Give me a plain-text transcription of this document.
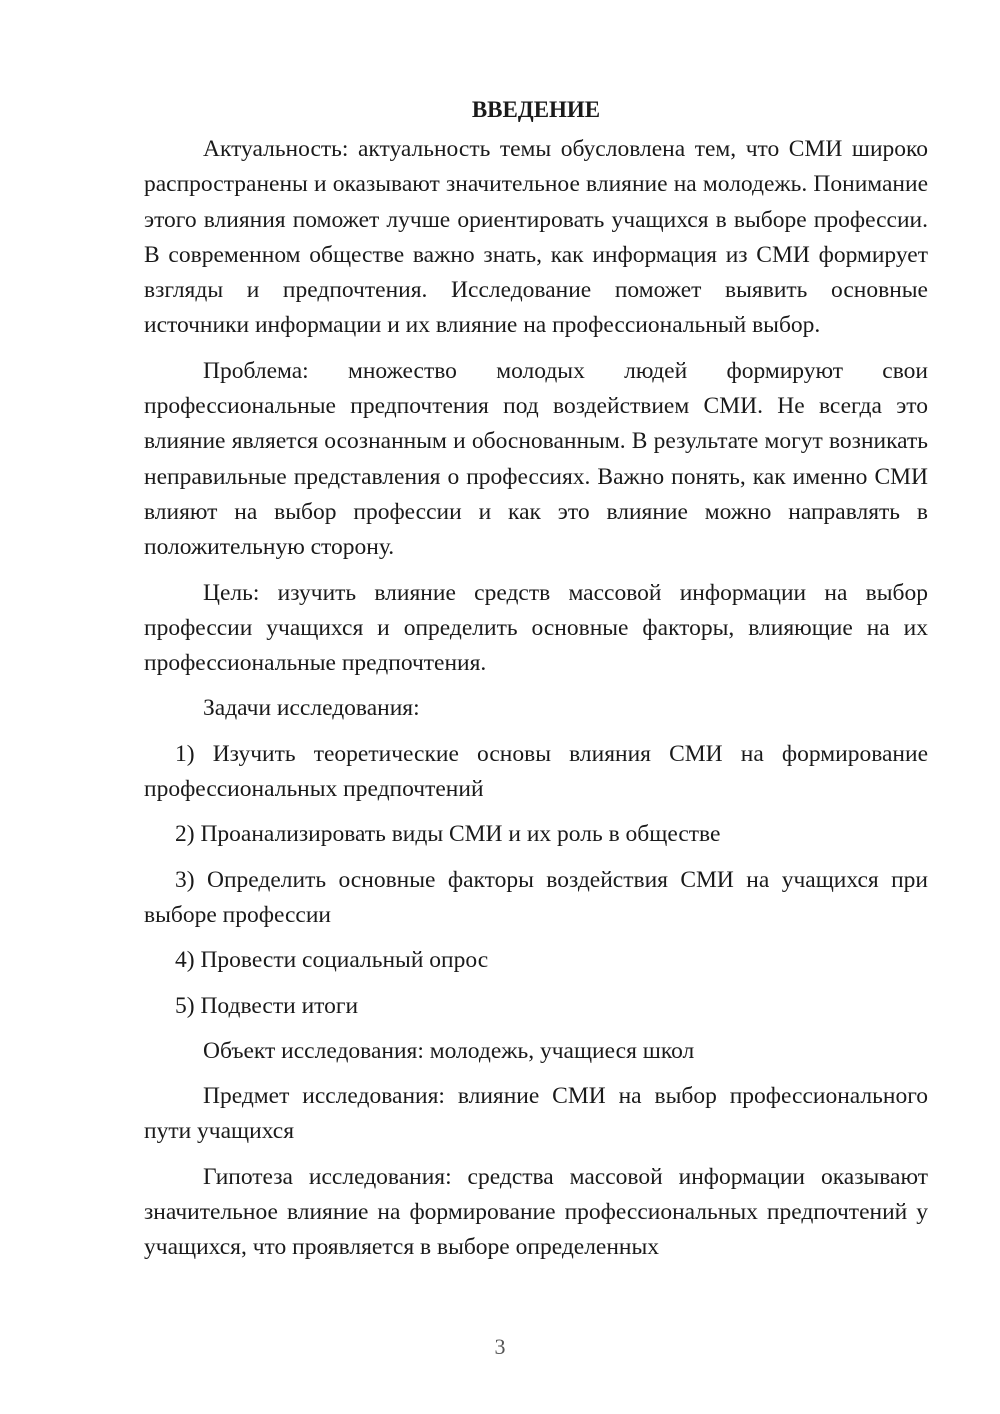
ВВЕДЕНИЕ

Актуальность: актуальность темы обусловлена тем, что СМИ широко распространены и оказывают значительное влияние на молодежь. Понимание этого влияния поможет лучше ориентировать учащихся в выборе профессии. В современном обществе важно знать, как информация из СМИ формирует взгляды и предпочтения. Исследование поможет выявить основные источники информации и их влияние на профессиональный выбор.

Проблема: множество молодых людей формируют свои профессиональные предпочтения под воздействием СМИ. Не всегда это влияние является осознанным и обоснованным. В результате могут возникать неправильные представления о профессиях. Важно понять, как именно СМИ влияют на выбор профессии и как это влияние можно направлять в положительную сторону.

Цель: изучить влияние средств массовой информации на выбор профессии учащихся и определить основные факторы, влияющие на их профессиональные предпочтения.

Задачи исследования:

1) Изучить теоретические основы влияния СМИ на формирование профессиональных предпочтений

2) Проанализировать виды СМИ и их роль в обществе

3) Определить основные факторы воздействия СМИ на учащихся при выборе профессии

4) Провести социальный опрос

5) Подвести итоги

Объект исследования: молодежь, учащиеся школ

Предмет исследования: влияние СМИ на выбор профессионального пути учащихся

Гипотеза исследования: средства массовой информации оказывают значительное влияние на формирование профессиональных предпочтений у учащихся, что проявляется в выборе определенных

3
